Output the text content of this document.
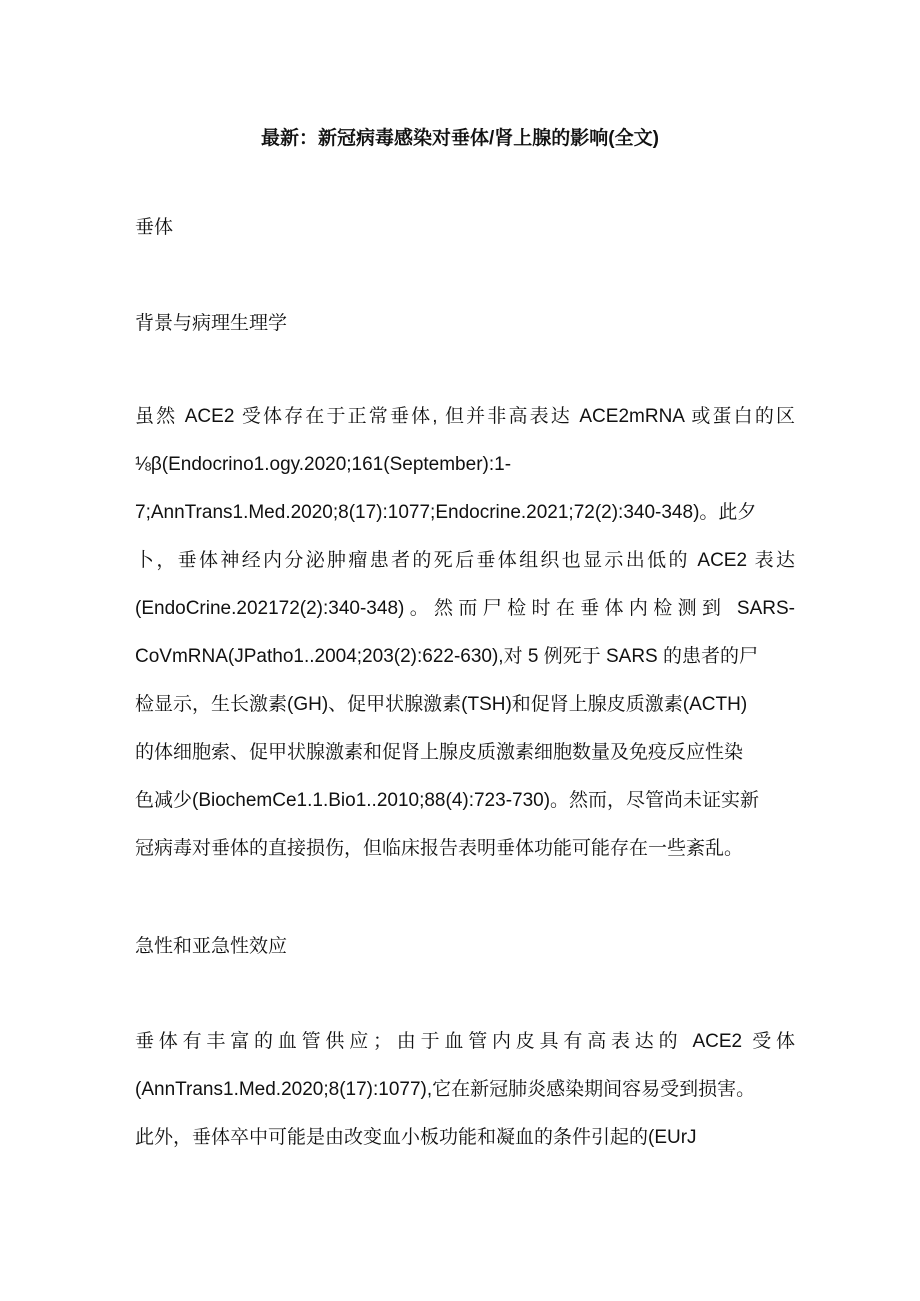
最新：新冠病毒感染对垂体/肾上腺的影响(全文)
垂体
背景与病理生理学
虽然 ACE2 受体存在于正常垂体, 但并非高表达 ACE2mRNA 或蛋白的区
⅛β(Endocrino1.ogy.2020;161(September):1-
7;AnnTrans1.Med.2020;8(17):1077;Endocrine.2021;72(2):340-348)。此夕
卜，垂体神经内分泌肿瘤患者的死后垂体组织也显示出低的 ACE2 表达
(EndoCrine.202172(2):340-348)。然而尸检时在垂体内检测到 SARS-
CoVmRNA(JPatho1..2004;203(2):622-630),对 5 例死于 SARS 的患者的尸
检显示，生长激素(GH)、促甲状腺激素(TSH)和促肾上腺皮质激素(ACTH)
的体细胞索、促甲状腺激素和促肾上腺皮质激素细胞数量及免疫反应性染
色减少(BiochemCe1.1.Bio1..2010;88(4):723-730)。然而，尽管尚未证实新
冠病毒对垂体的直接损伤，但临床报告表明垂体功能可能存在一些紊乱。
急性和亚急性效应
垂体有丰富的血管供应；由于血管内皮具有高表达的 ACE2 受体
(AnnTrans1.Med.2020;8(17):1077),它在新冠肺炎感染期间容易受到损害。
此外，垂体卒中可能是由改变血小板功能和凝血的条件引起的(EUrJ
